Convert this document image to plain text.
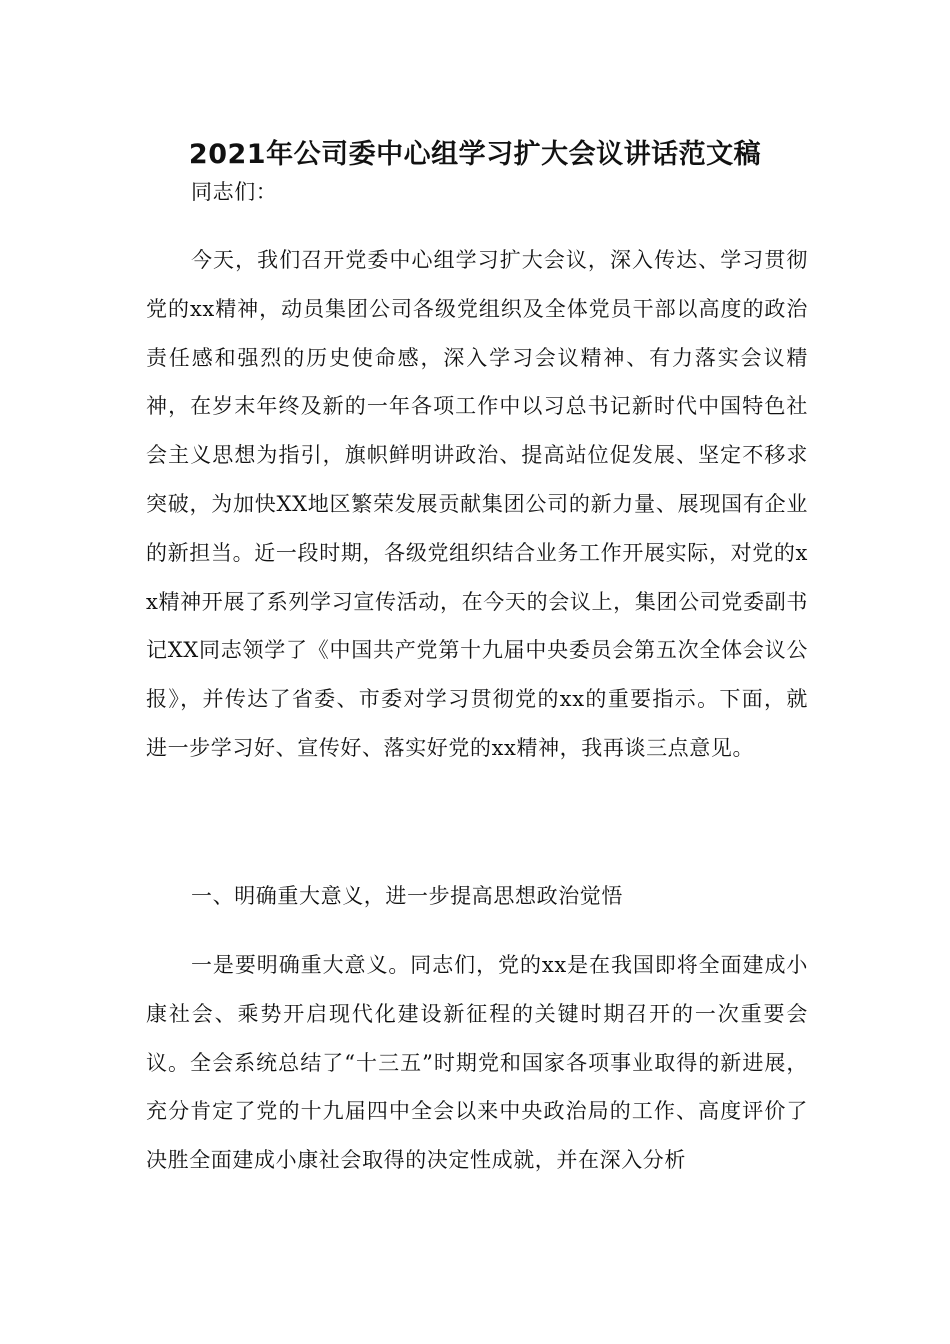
2021年公司委中心组学习扩大会议讲话范文稿

同志们：

今天，我们召开党委中心组学习扩大会议，深入传达、学习贯彻党的xx精神，动员集团公司各级党组织及全体党员干部以高度的政治责任感和强烈的历史使命感，深入学习会议精神、有力落实会议精神，在岁末年终及新的一年各项工作中以习总书记新时代中国特色社会主义思想为指引，旗帜鲜明讲政治、提高站位促发展、坚定不移求突破，为加快XX地区繁荣发展贡献集团公司的新力量、展现国有企业的新担当。近一段时期，各级党组织结合业务工作开展实际，对党的xx精神开展了系列学习宣传活动，在今天的会议上，集团公司党委副书记XX同志领学了《中国共产党第十九届中央委员会第五次全体会议公报》，并传达了省委、市委对学习贯彻党的xx的重要指示。下面，就进一步学习好、宣传好、落实好党的xx精神，我再谈三点意见。

一、明确重大意义，进一步提高思想政治觉悟

一是要明确重大意义。同志们，党的xx是在我国即将全面建成小康社会、乘势开启现代化建设新征程的关键时期召开的一次重要会议。全会系统总结了“十三五”时期党和国家各项事业取得的新进展，充分肯定了党的十九届四中全会以来中央政治局的工作、高度评价了决胜全面建成小康社会取得的决定性成就，并在深入分析
